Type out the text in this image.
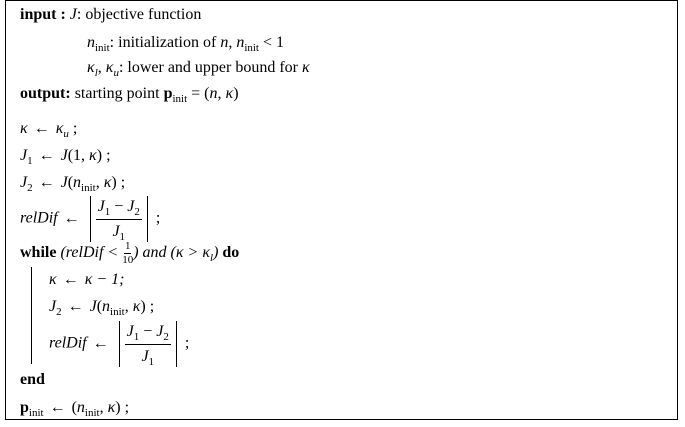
input : J: objective function
$n_{init}$: initialization of n, $n_{init} < 1$
$\kappa_l$, $\kappa_u$: lower and upper bound for κ
output: starting point $p_{init} = (n$, κ)
κ ← $\kappa_u$ ;
$J_1$ ← J(1, κ) ;
$J_2$ ← $J(n_{init}$, κ) ;
relDif ← $\frac{J_1 - J_2}{J_1}$ ;
while (relDif < $\frac{1}{10}$ ) and $(\kappa > \kappa_l)$ do
κ ← κ − 1;
$J_2$ ← $J(n_{init}$, κ) ;
relDif ← $\frac{J_1 - J_2}{J_1}$ ;
end
$p_{init}$ ← ($n_{init}$, κ) ;
